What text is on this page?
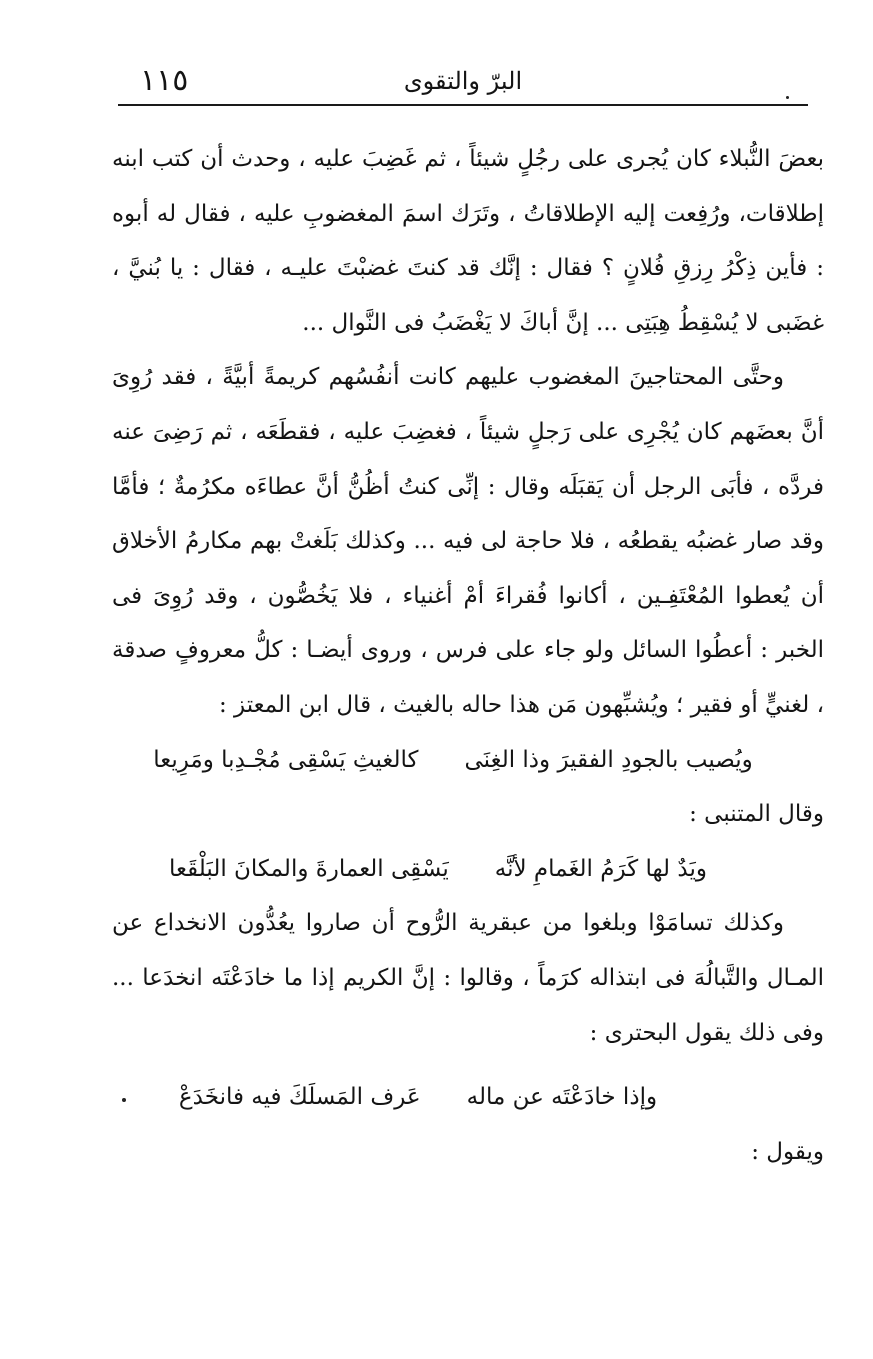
١١٥	البرّ والتقوى

بعضَ النُّبلاء كان يُجرى على رجُلٍ شيئاً ، ثم غَضِبَ عليه ، وحدث أن كتب ابنه إطلاقات، ورُفِعت إليه الإطلاقاتُ ، وتَرَك اسمَ المغضوبِ عليه ، فقال له أبوه : فأين ذِكْرُ رِزقِ فُلانٍ ؟ فقال : إنَّك قد كنتَ غضبْتَ عليـه ، فقال : يا بُنيَّ ، غضَبى لا يُسْقِطُ هِبَتِى ... إنَّ أباكَ لا يَغْضَبُ فى النَّوال ...

وحتَّى المحتاجينَ المغضوب عليهم كانت أنفُسُهم كريمةً أبيَّةً ، فقد رُوِىَ أنَّ بعضَهم كان يُجْرِى على رَجلٍ شيئاً ، فغضِبَ عليه ، فقطَعَه ، ثم رَضِىَ عنه فردَّه ، فأبَى الرجل أن يَقبَلَه وقال : إنِّى كنتُ أظُنُّ أنَّ عطاءَه مكرُمةٌ ؛ فأمَّا وقد صار غضبُه يقطعُه ، فلا حاجة لى فيه ... وكذلك بَلَغتْ بهم مكارمُ الأخلاق أن يُعطوا المُعْتَفِـين ، أكانوا فُقراءَ أمْ أغنياء ، فلا يَخُصُّون ، وقد رُوِىَ فى الخبر : أعطُوا السائل ولو جاء على فرس ، وروى أيضـا : كلُّ معروفٍ صدقة ، لغنيٍّ أو فقير ؛ ويُشبِّهون مَن هذا حاله بالغيث ، قال ابن المعتز :

ويُصيب بالجودِ الفقيرَ وذا الغِنَى
كالغيثِ يَسْقِى مُجْـدِبا ومَرِيعا

وقال المتنبى :

ويَدٌ لها كَرَمُ الغَمامِ لأنَّه
يَسْقِى العمارةَ والمكانَ البَلْقَعا

وكذلك تسامَوْا وبلغوا من عبقرية الرُّوح أن صاروا يعُدُّون الانخداع عن المـال والتَّبالُهَ فى ابتذاله كرَماً ، وقالوا : إنَّ الكريم إذا ما خادَعْتَه انخدَعا ... وفى ذلك يقول البحترى :

وإذا خادَعْتَه عن ماله
عَرف المَسلَكَ فيه فانخَدَعْ

ويقول :
